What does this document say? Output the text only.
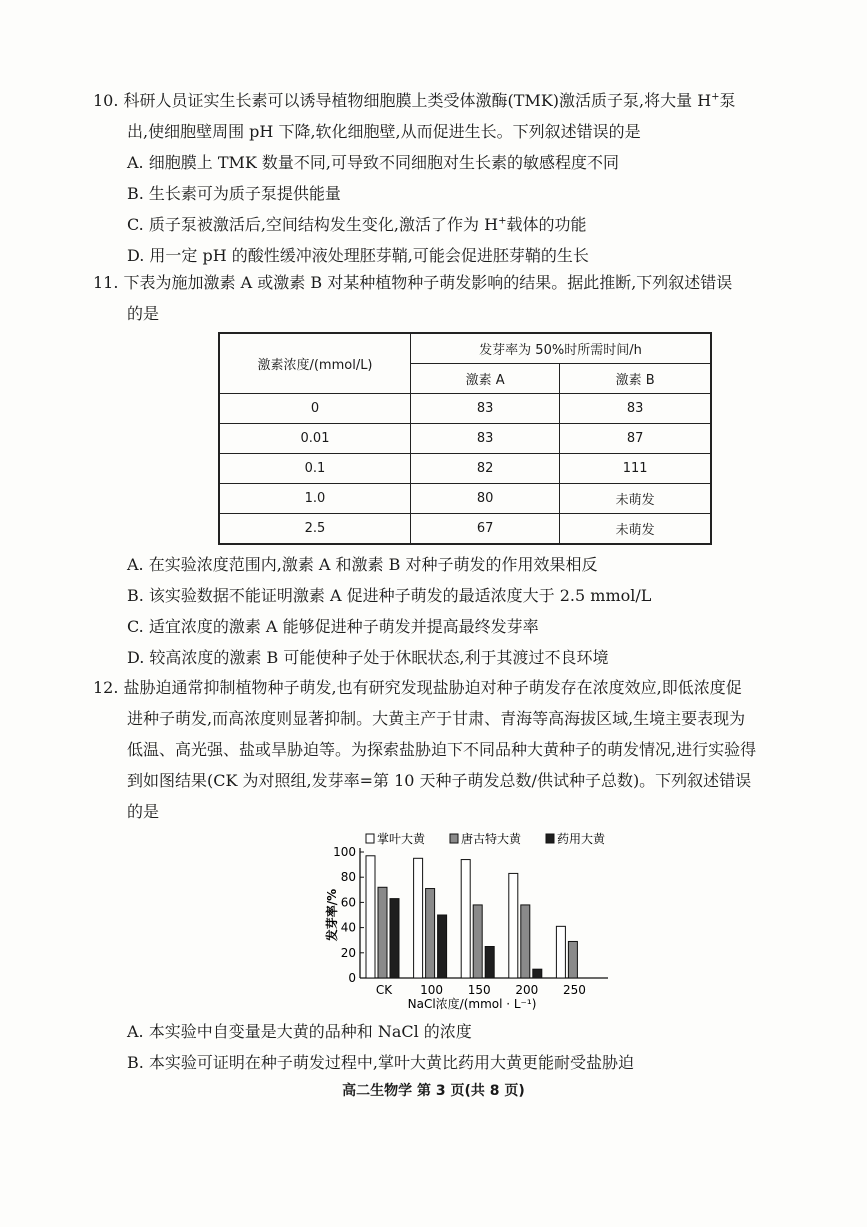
10. 科研人员证实生长素可以诱导植物细胞膜上类受体激酶(TMK)激活质子泵,将大量 H+泵
出,使细胞壁周围 pH 下降,软化细胞壁,从而促进生长。下列叙述错误的是
A. 细胞膜上 TMK 数量不同,可导致不同细胞对生长素的敏感程度不同
B. 生长素可为质子泵提供能量
C. 质子泵被激活后,空间结构发生变化,激活了作为 H+载体的功能
D. 用一定 pH 的酸性缓冲液处理胚芽鞘,可能会促进胚芽鞘的生长
11. 下表为施加激素 A 或激素 B 对某种植物种子萌发影响的结果。据此推断,下列叙述错误
的是
激素浓度/(mmol/L)	发芽率为 50%时所需时间/h	
	激素 A	激素 B
0	83	83
0.01	83	87
0.1	82	111
1.0	80	未萌发
2.5	67	未萌发
A. 在实验浓度范围内,激素 A 和激素 B 对种子萌发的作用效果相反
B. 该实验数据不能证明激素 A 促进种子萌发的最适浓度大于 2.5 mmol/L
C. 适宜浓度的激素 A 能够促进种子萌发并提高最终发芽率
D. 较高浓度的激素 B 可能使种子处于休眠状态,利于其渡过不良环境
12. 盐胁迫通常抑制植物种子萌发,也有研究发现盐胁迫对种子萌发存在浓度效应,即低浓度促
进种子萌发,而高浓度则显著抑制。大黄主产于甘肃、青海等高海拔区域,生境主要表现为
低温、高光强、盐或旱胁迫等。为探索盐胁迫下不同品种大黄种子的萌发情况,进行实验得
到如图结果(CK 为对照组,发芽率=第 10 天种子萌发总数/供试种子总数)。下列叙述错误
的是
0
20
40
60
80
100
发芽率/%
CK 100 150 200 250
NaCl浓度/(mmol · L⁻¹)
掌叶大黄	唐古特大黄	药用大黄
A. 本实验中自变量是大黄的品种和 NaCl 的浓度
B. 本实验可证明在种子萌发过程中,掌叶大黄比药用大黄更能耐受盐胁迫
高二生物学 第 3 页(共 8 页)
